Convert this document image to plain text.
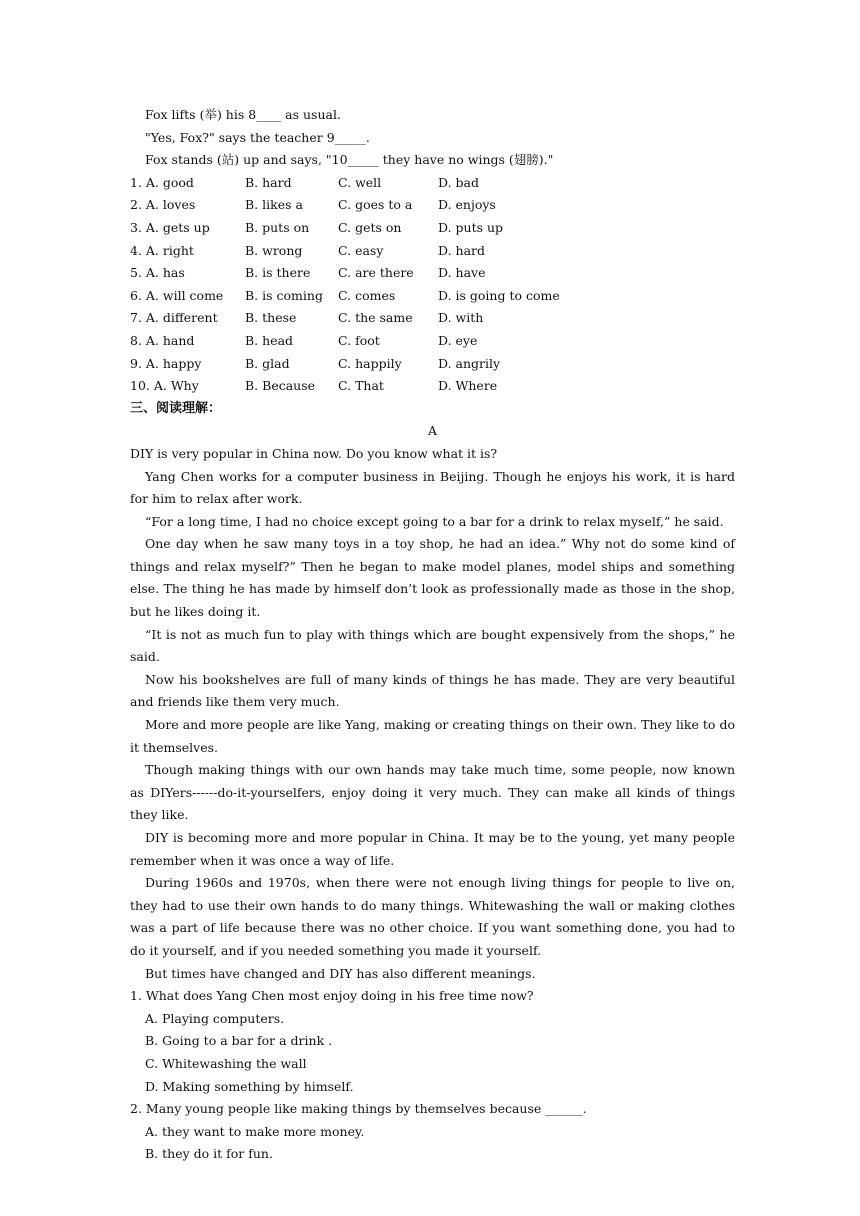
Fox lifts (举) his 8____ as usual.
"Yes, Fox?" says the teacher 9_____.
Fox stands (站) up and says, "10_____ they have no wings (翅膀)."
1. A. good	B. hard	C. well	D. bad
2. A. loves	B. likes a	C. goes to a	D. enjoys
3. A. gets up	B. puts on	C. gets on	D. puts up
4. A. right	B. wrong	C. easy	D. hard
5. A. has	B. is there	C. are there	D. have
6. A. will come	B. is coming	C. comes	D. is going to come
7. A. different	B. these	C. the same	D. with
8. A. hand	B. head	C. foot	D. eye
9. A. happy	B. glad	C. happily	D. angrily
10. A. Why	B. Because	C. That	D. Where
三、阅读理解：
A
DIY is very popular in China now. Do you know what it is?
Yang Chen works for a computer business in Beijing. Though he enjoys his work, it is hard for him to relax after work.
“For a long time, I had no choice except going to a bar for a drink to relax myself,” he said.
One day when he saw many toys in a toy shop, he had an idea.” Why not do some kind of things and relax myself?” Then he began to make model planes, model ships and something else. The thing he has made by himself don’t look as professionally made as those in the shop, but he likes doing it.
“It is not as much fun to play with things which are bought expensively from the shops,” he said.
Now his bookshelves are full of many kinds of things he has made. They are very beautiful and friends like them very much.
More and more people are like Yang, making or creating things on their own. They like to do it themselves.
Though making things with our own hands may take much time, some people, now known as DIYers------do-it-yourselfers, enjoy doing it very much. They can make all kinds of things they like.
DIY is becoming more and more popular in China. It may be to the young, yet many people remember when it was once a way of life.
During 1960s and 1970s, when there were not enough living things for people to live on, they had to use their own hands to do many things. Whitewashing the wall or making clothes was a part of life because there was no other choice. If you want something done, you had to do it yourself, and if you needed something you made it yourself.
But times have changed and DIY has also different meanings.
1. What does Yang Chen most enjoy doing in his free time now?
A. Playing computers.
B. Going to a bar for a drink .
C. Whitewashing the wall
D. Making something by himself.
2. Many young people like making things by themselves because ______.
A. they want to make more money.
B. they do it for fun.
